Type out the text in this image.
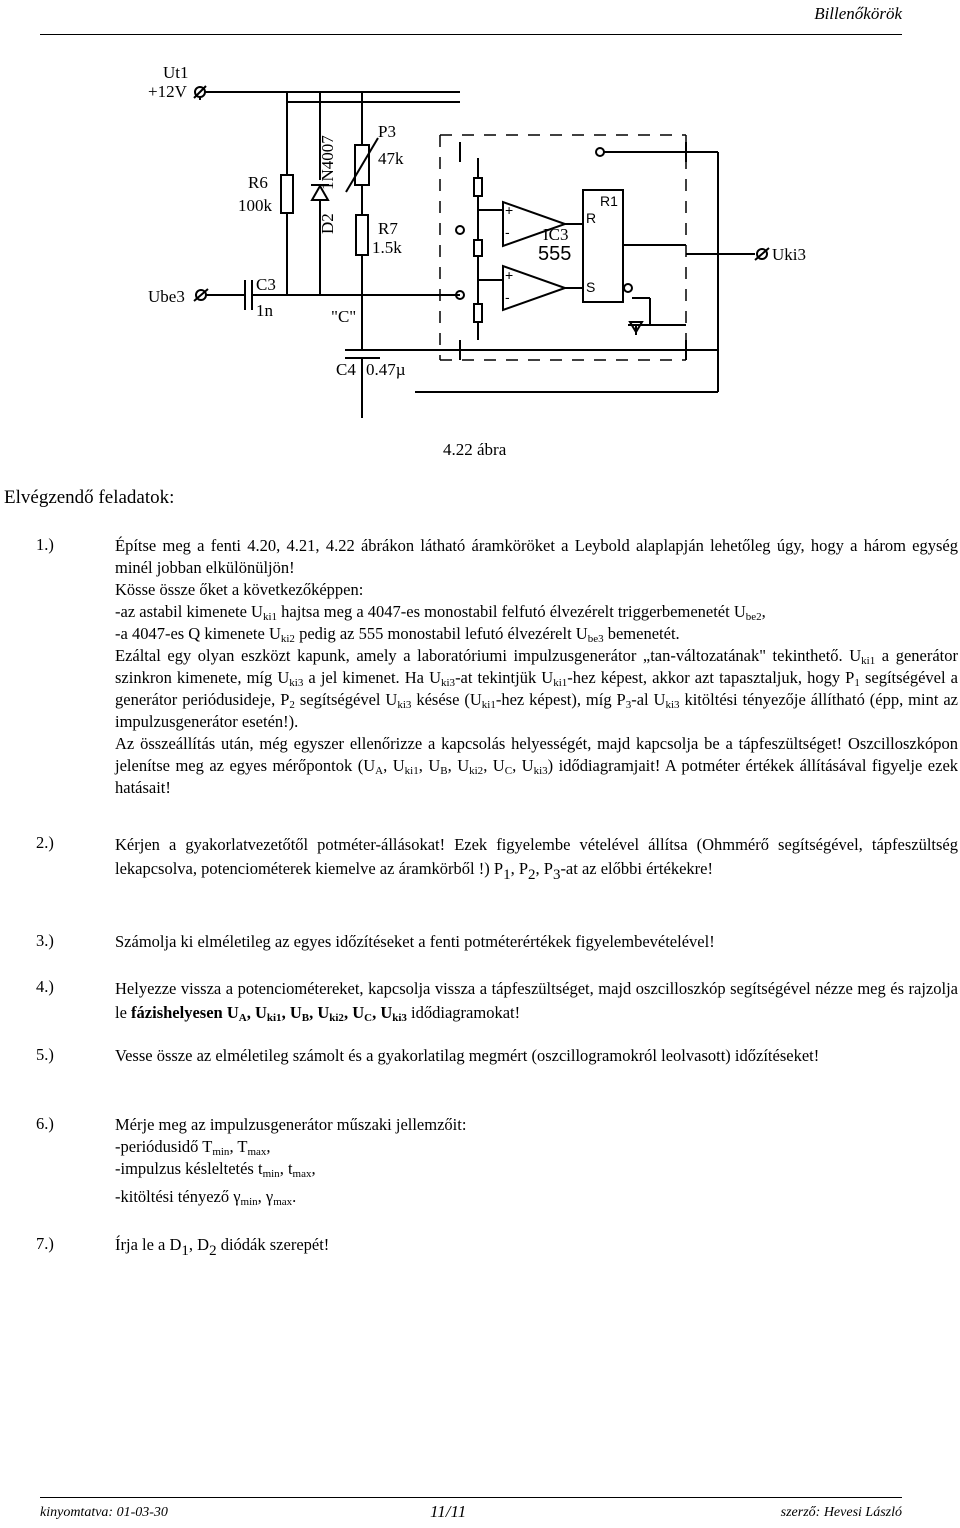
Billenőkörök
Ut1
+12V
R6
100k
D2
1N4007
P3
47k
R7
1.5k
IC3
555
R1
R
S
+
-
+
-
Ube3
C3
1n	"C"
C4 0.47µ
Uki3
4.22 ábra
Elvégzendő feladatok:
1.)	Építse meg a fenti 4.20, 4.21, 4.22 ábrákon látható áramköröket a Leybold alaplapján lehetőleg úgy, hogy a három egység minél jobban elkülönüljön!

Kösse össze őket a következőképpen:

-az astabil kimenete $U_{ki1}$ hajtsa meg a 4047-es monostabil felfutó élvezérelt triggerbemenetét $U_{be2}$,

-a 4047-es Q kimenete $U_{ki2}$ pedig az 555 monostabil lefutó élvezérelt $U_{be3}$ bemenetét.

Ezáltal egy olyan eszközt kapunk, amely a laboratóriumi impulzusgenerátor „tan-változatának" tekinthető. $U_{ki1}$ a generátor szinkron kimenete, míg $U_{ki3}$ a jel kimenet. Ha $U_{ki3}-at$ tekintjük $U_{ki1}$-hez képest, akkor azt tapasztaljuk, hogy $P_1$ segítségével a generátor periódusideje, $P_2$ segítségével $U_{ki3}$ késése ($U_{ki1}$-hez képest), míg $P_3-al$ $U_{ki3}$ kitöltési tényezője állítható (épp, mint az impulzusgenerátor esetén!).

Az összeállítás után, még egyszer ellenőrizze a kapcsolás helyességét, majd kapcsolja be a tápfeszültséget! Oszcilloszkópon jelenítse meg az egyes mérőpontok ($U_A$, $U_{ki1}$, $U_B$, $U_{ki2}$, $U_C$, $U_{ki3}$) idődiagramjait! A potméter értékek állításával figyelje ezek hatásait!

2.)	Kérjen a gyakorlatvezetőtől potméter-állásokat! Ezek figyelembe vételével állítsa (Ohmmérő segítségével, tápfeszültség lekapcsolva, potenciométerek kiemelve az áramkörből !) $P_1$, $P_2$, $P_3-at$ az előbbi értékekre!

3.)	Számolja ki elméletileg az egyes időzítéseket a fenti potméterértékek figyelembevételével!

4.)	Helyezze vissza a potenciométereket, kapcsolja vissza a tápfeszültséget, majd oszcilloszkóp segítségével nézze meg és rajzolja le fázishelyesen $U_A$, $U_{ki1}$, $U_B$, $U_{ki2}$, $U_C$, $U_{ki3}$ idődiagramokat!

5.)	Vesse össze az elméletileg számolt és a gyakorlatilag megmért (oszcillogramokról leolvasott) időzítéseket!

6.)	Mérje meg az impulzusgenerátor műszaki jellemzőit:

-periódusidő $T_{min}$, $T_{max}$,

-impulzus késleltetés $t_{min}$, $t_{max}$,

-kitöltési tényező $\gamma_{min}$, $\gamma_{max}$.

7.)	Írja le a $D_1$, $D_2$ diódák szerepét!

kinyomtatva: 01-03-30	11/11	szerző: Hevesi László
